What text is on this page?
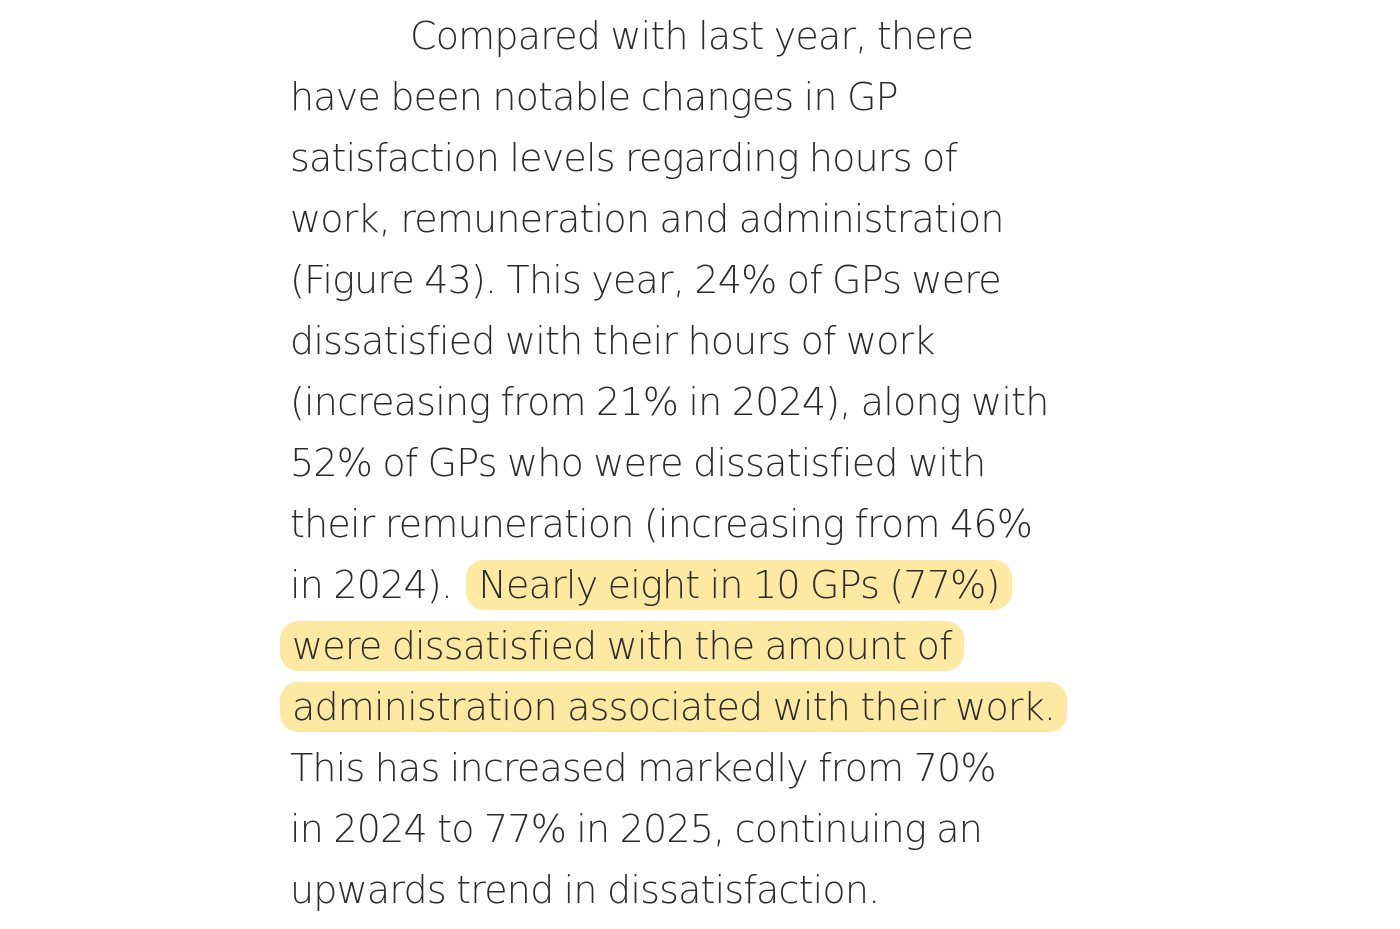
Compared with last year, there
have been notable changes in GP
satisfaction levels regarding hours of
work, remuneration and administration
(Figure 43). This year, 24% of GPs were
dissatisfied with their hours of work
(increasing from 21% in 2024), along with
52% of GPs who were dissatisfied with
their remuneration (increasing from 46%
in 2024). Nearly eight in 10 GPs (77%)
were dissatisfied with the amount of
administration associated with their work.
This has increased markedly from 70%
in 2024 to 77% in 2025, continuing an
upwards trend in dissatisfaction.
